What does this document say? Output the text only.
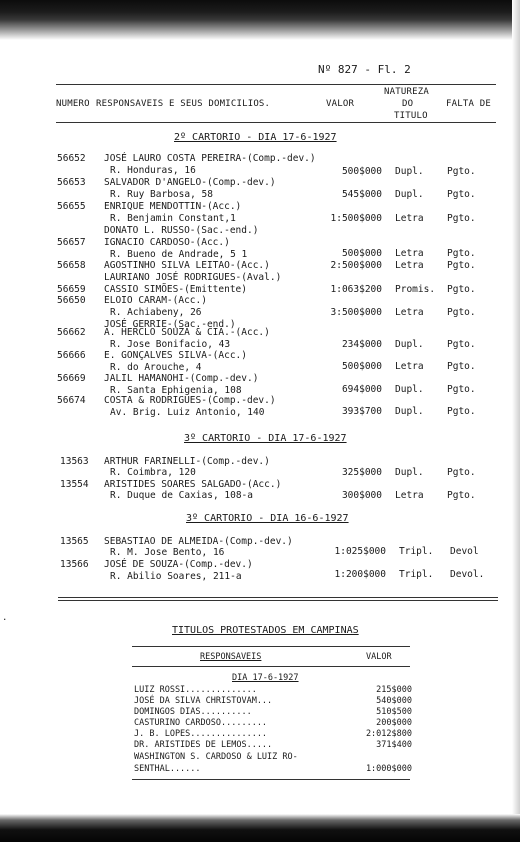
Nº 827 - Fl. 2
NUMERO RESPONSAVEIS E SEUS DOMICILIOS.	VALOR
NATUREZA
DO
TITULO
FALTA DE
2º CARTORIO - DIA 17-6-1927
56652 JOSÉ LAURO COSTA PEREIRA-(Comp.-dev.)
R. Honduras, 16	500$000 Dupl. Pgto.
56653 SALVADOR D'ANGELO-(Comp.-dev.)
R. Ruy Barbosa, 58	545$000 Dupl. Pgto.
56655 ENRIQUE MENDOTTIN-(Acc.)
R. Benjamin Constant,1
DONATO L. RUSSO-(Sac.-end.)
1:500$000 Letra Pgto.
56657 IGNACIO CARDOSO-(Acc.)
R. Bueno de Andrade, 5 1	500$000 Letra Pgto.
56658 AGOSTINHO SILVA LEITAO-(Acc.)
LAURIANO JOSÉ RODRIGUES-(Aval.)
2:500$000 Letra Pgto.
56659 CASSIO SIMÕES-(Emittente)	1:063$200 Promis. Pgto.
56650 ELOIO CARAM-(Acc.)
R. Achiabeny, 26
JOSÉ GERRIE-(Sac.-end.)
3:500$000 Letra Pgto.
56662 A. HERCLO SOUZA & CIA.-(Acc.)
R. Jose Bonifacio, 43	234$000 Dupl. Pgto.
56666 E. GONÇALVES SILVA-(Acc.)
R. do Arouche, 4	500$000 Letra Pgto.
56669 JALIL HAMANOHI-(Comp.-dev.)
R. Santa Ephigenia, 108	694$000 Dupl. Pgto.
56674 COSTA & RODRIGUES-(Comp.-dev.)
Av. Brig. Luiz Antonio, 140	393$700 Dupl. Pgto.
3º CARTORIO - DIA 17-6-1927
13563 ARTHUR FARINELLI-(Comp.-dev.)
R. Coimbra, 120	325$000 Dupl. Pgto.
13554 ARISTIDES SOARES SALGADO-(Acc.)
R. Duque de Caxias, 108-a	300$000 Letra Pgto.
3º CARTORIO - DIA 16-6-1927
13565 SEBASTIAO DE ALMEIDA-(Comp.-dev.)
R. M. Jose Bento, 16	1:025$000 Tripl. Devol
13566 JOSÉ DE SOUZA-(Comp.-dev.)
R. Abilio Soares, 211-a	1:200$000 Tripl. Devol.
.
TITULOS PROTESTADOS EM CAMPINAS
RESPONSAVEIS	VALOR
DIA 17-6-1927
LUIZ ROSSI..............	215$000
JOSÉ DA SILVA CHRISTOVAM...	540$000
DOMINGOS DIAS..........	510$500
CASTURINO CARDOSO.........	200$000
J. B. LOPES...............	2:012$800
DR. ARISTIDES DE LEMOS.....	371$400
WASHINGTON S. CARDOSO & LUIZ RO-
SENTHAL......	1:000$000
